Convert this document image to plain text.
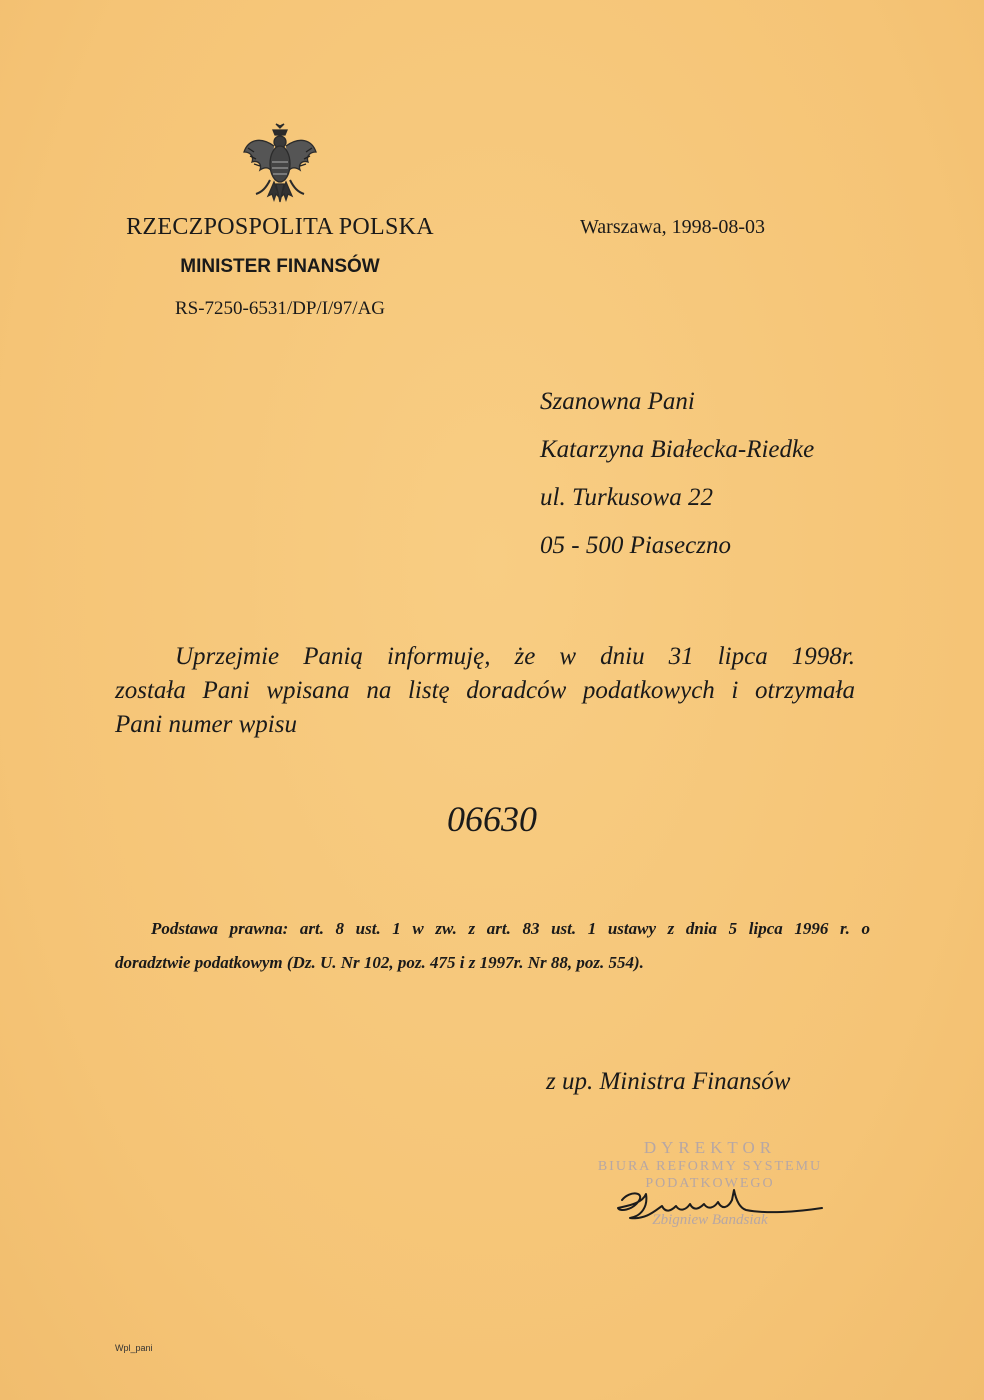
RZECZPOSPOLITA POLSKA
MINISTER FINANSÓW
RS-7250-6531/DP/I/97/AG
Warszawa, 1998-08-03
Szanowna Pani
Katarzyna Białecka-Riedke
ul. Turkusowa 22
05 - 500 Piaseczno
Uprzejmie Panią informuję, że w dniu 31 lipca 1998r.
została Pani wpisana na listę doradców podatkowych i otrzymała
Pani numer wpisu
06630
Podstawa prawna: art. 8 ust. 1 w zw. z art. 83 ust. 1 ustawy z dnia 5 lipca 1996 r. o
doradztwie podatkowym (Dz. U. Nr 102, poz. 475 i z 1997r. Nr 88, poz. 554).
z up. Ministra Finansów
DYREKTOR
BIURA REFORMY SYSTEMU
PODATKOWEGO
Zbigniew Bandsiak
Wpl_pani
